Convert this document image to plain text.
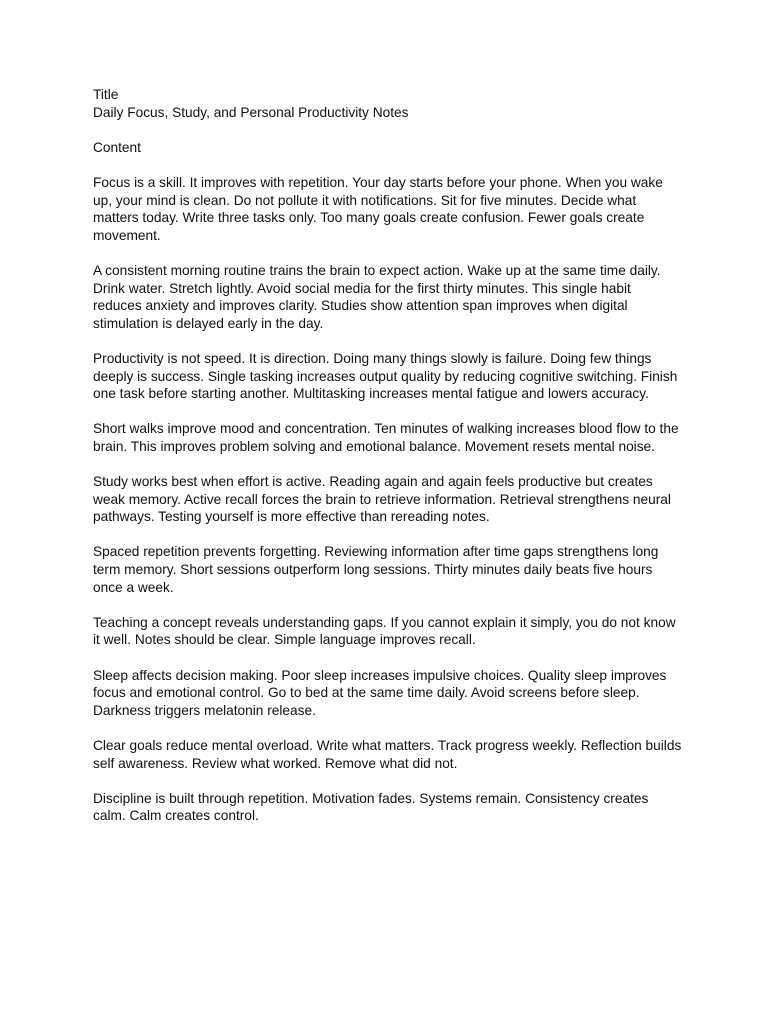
Title

Daily Focus, Study, and Personal Productivity Notes

Content

Focus is a skill. It improves with repetition. Your day starts before your phone. When you wake up, your mind is clean. Do not pollute it with notifications. Sit for five minutes. Decide what matters today. Write three tasks only. Too many goals create confusion. Fewer goals create movement.

A consistent morning routine trains the brain to expect action. Wake up at the same time daily. Drink water. Stretch lightly. Avoid social media for the first thirty minutes. This single habit reduces anxiety and improves clarity. Studies show attention span improves when digital stimulation is delayed early in the day.

Productivity is not speed. It is direction. Doing many things slowly is failure. Doing few things deeply is success. Single tasking increases output quality by reducing cognitive switching. Finish one task before starting another. Multitasking increases mental fatigue and lowers accuracy.

Short walks improve mood and concentration. Ten minutes of walking increases blood flow to the brain. This improves problem solving and emotional balance. Movement resets mental noise.

Study works best when effort is active. Reading again and again feels productive but creates weak memory. Active recall forces the brain to retrieve information. Retrieval strengthens neural pathways. Testing yourself is more effective than rereading notes.

Spaced repetition prevents forgetting. Reviewing information after time gaps strengthens long term memory. Short sessions outperform long sessions. Thirty minutes daily beats five hours once a week.

Teaching a concept reveals understanding gaps. If you cannot explain it simply, you do not know it well. Notes should be clear. Simple language improves recall.

Sleep affects decision making. Poor sleep increases impulsive choices. Quality sleep improves focus and emotional control. Go to bed at the same time daily. Avoid screens before sleep. Darkness triggers melatonin release.

Clear goals reduce mental overload. Write what matters. Track progress weekly. Reflection builds self awareness. Review what worked. Remove what did not.

Discipline is built through repetition. Motivation fades. Systems remain. Consistency creates calm. Calm creates control.
